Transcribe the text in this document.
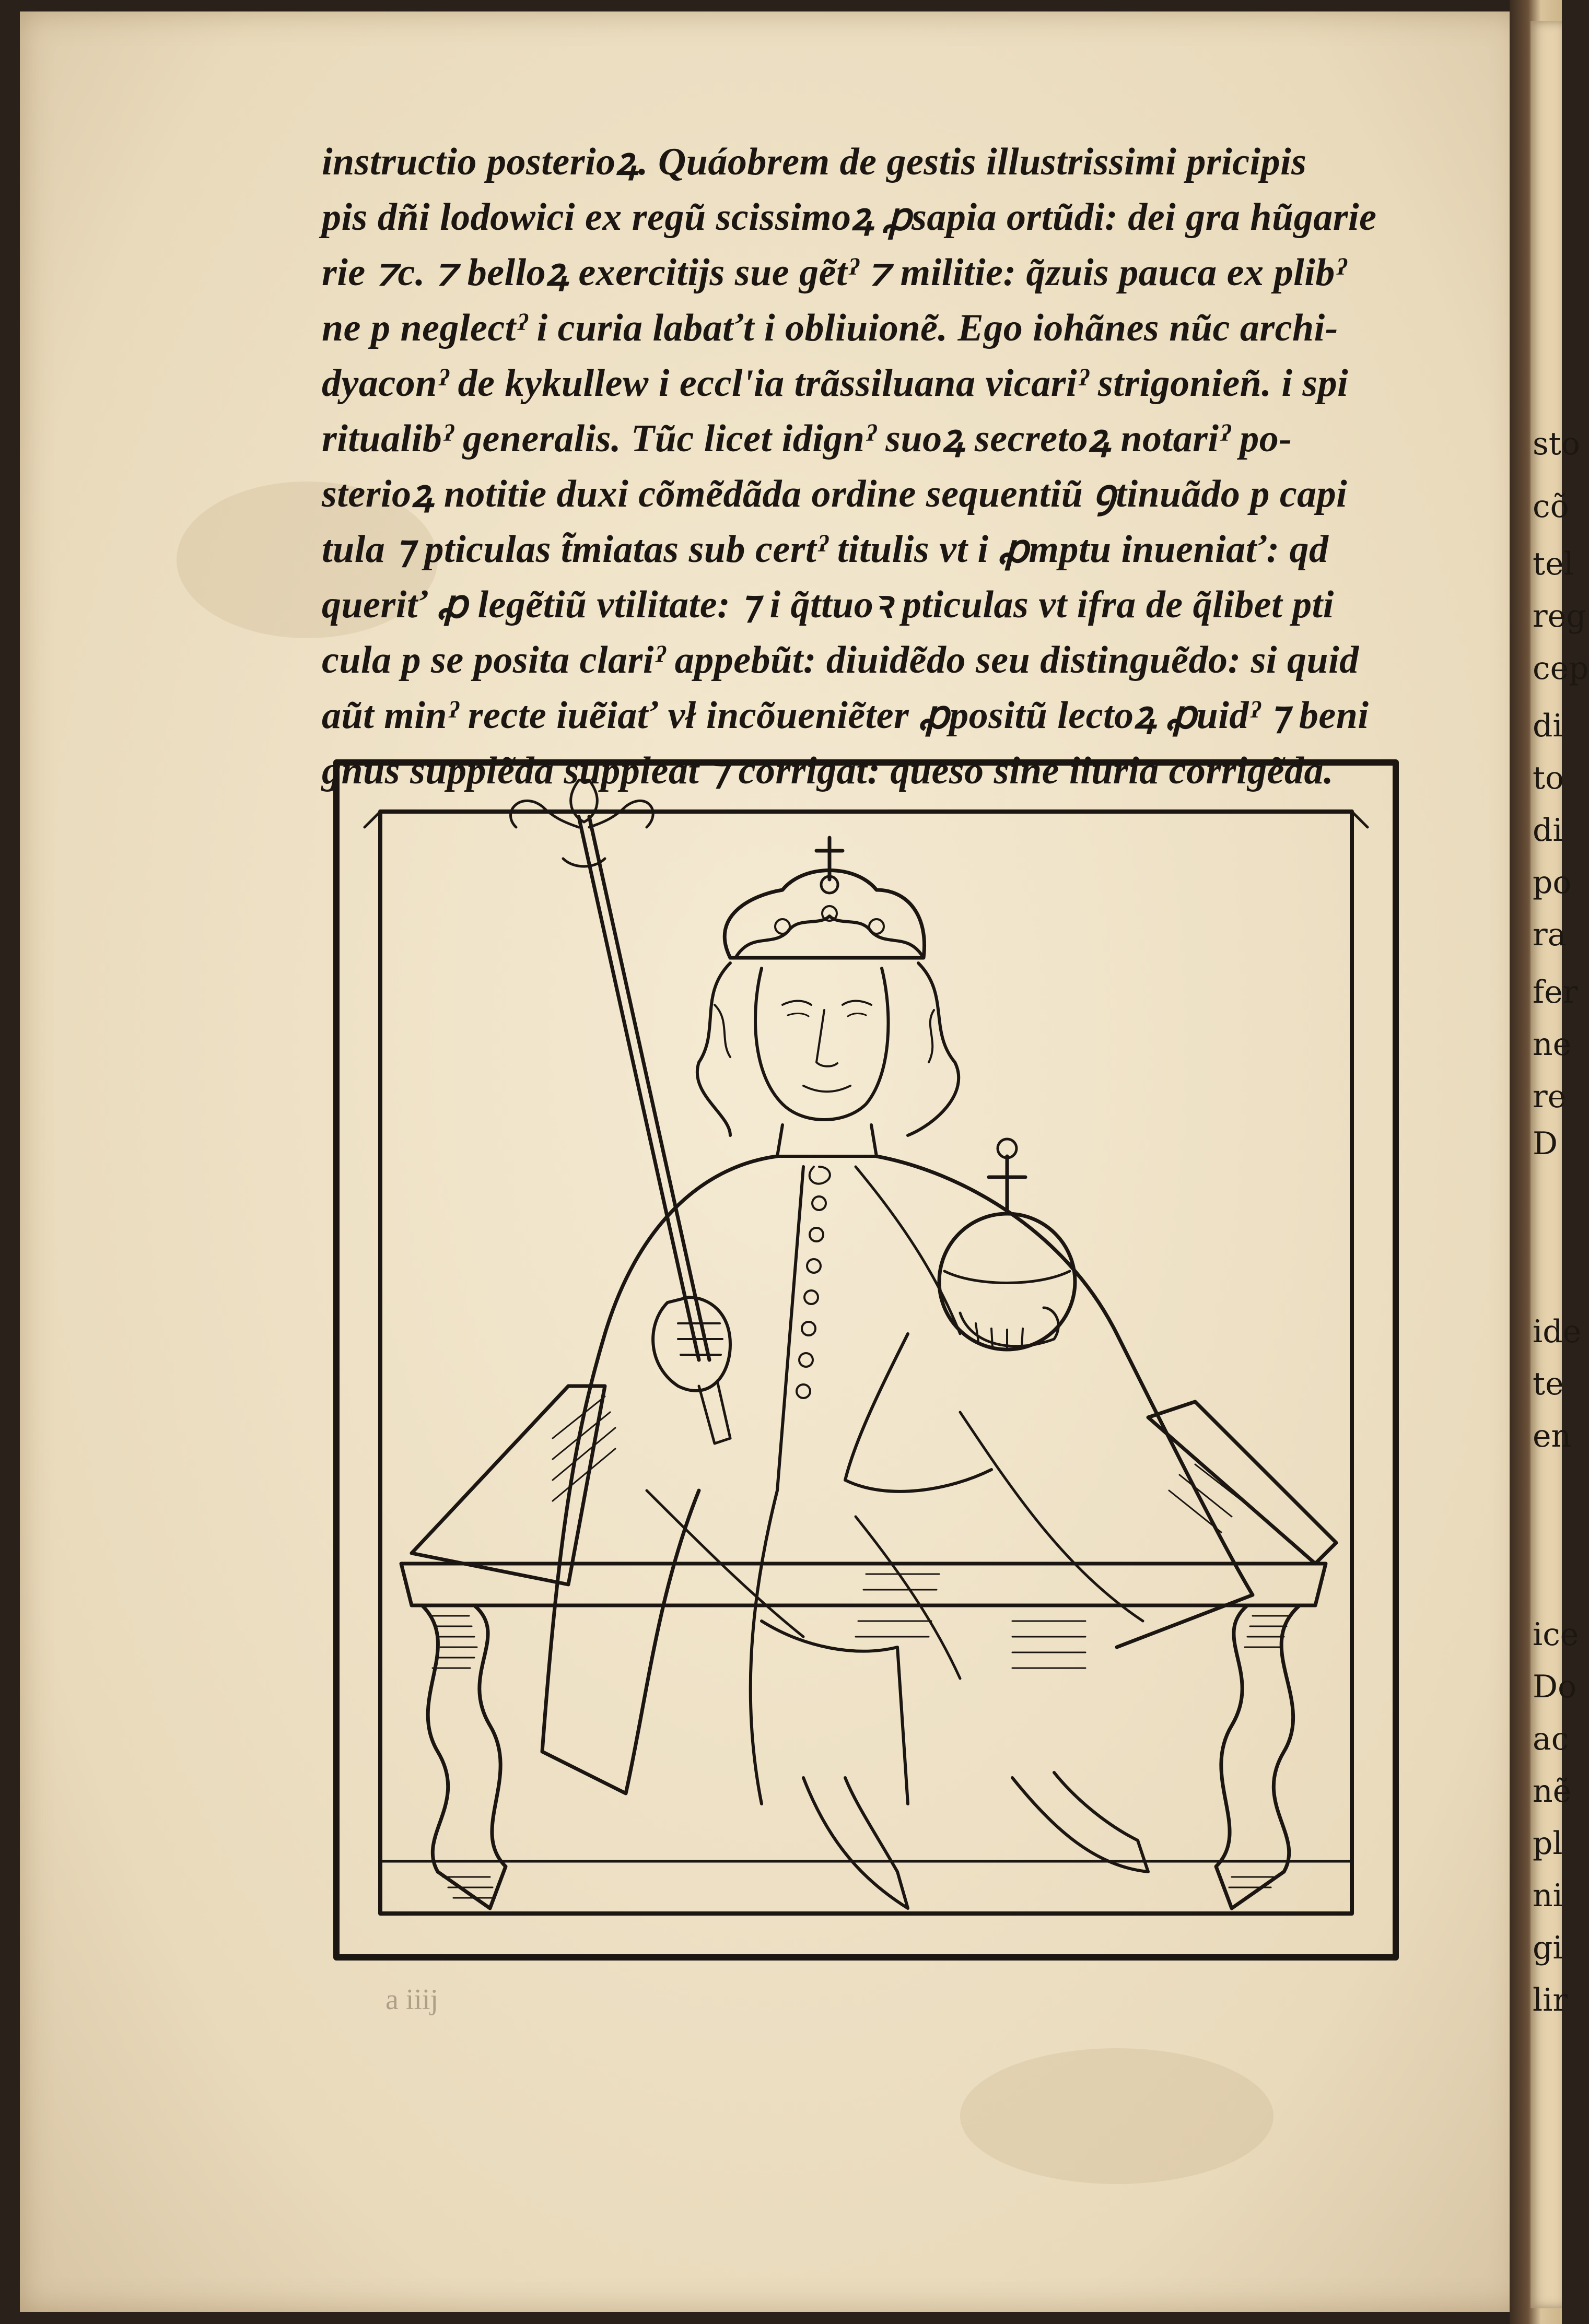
instructio posterioꝝ. Quáobrem de gestis illustrissimi pricipis
pis dñi lodowici ex regũ scissimoꝝ ꝓsapia ortũdi: dei gra hũgarie
rie ⁊c. ⁊ belloꝝ exercitijs sue gẽtˀ ⁊ militie: q̃zuis pauca ex plibˀ
ne p neglectˀ i curia labaťt i obliuionẽ. Ego iohãnes nũc archi-
dyaconˀ de kykullew i eccl'ia trãssiluana vicariˀ strigonieñ. i spi
ritualibˀ generalis. Tũc licet idignˀ suoꝝ secretoꝝ notariˀ po-
sterioꝝ notitie duxi cõmẽdãda ordine sequentiũ ꝯtinuãdo p capi
tula ⁊ pticulas t̃miatas sub certˀ titulis vt i ꝓmptu inueniať: qd
queriť ꝓ legẽtiũ vtilitate: ⁊ i q̃ttuoꝛ pticulas vt ifra de q̃libet pti
cula p se posita clariˀ appebũt: diuidẽdo seu distinguẽdo: si quid
aũt minˀ recte iuẽiať vł incõueniẽter ꝓpositũ lectoꝝ ꝓuidˀ ⁊ beni
gnus supplẽda suppleat ⁊ corrigat: queso sine iiuria corrigẽda.
a iiij
sto
cõ
tel
reg
cep
di
to
di
po
ra
fer
ne
re
D
ide
te
en
ice
Do
ac
nẽ
pl
ni
gi
lir
